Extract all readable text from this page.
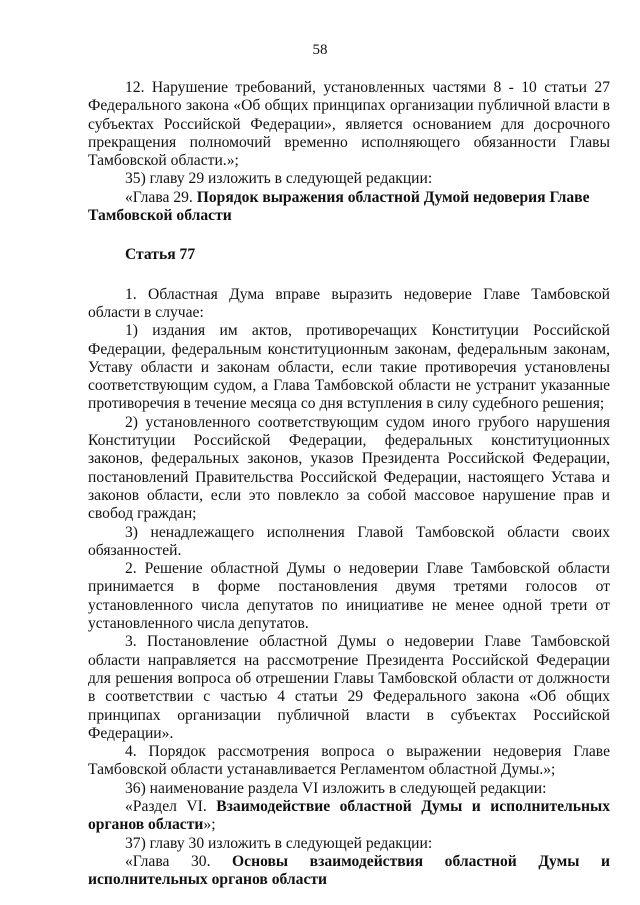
58

12. Нарушение требований, установленных частями 8 - 10 статьи 27 Федерального закона «Об общих принципах организации публичной власти в субъектах Российской Федерации», является основанием для досрочного прекращения полномочий временно исполняющего обязанности Главы Тамбовской области.»;

35) главу 29 изложить в следующей редакции:

«Глава 29. Порядок выражения областной Думой недоверия Главе Тамбовской области

Статья 77

1. Областная Дума вправе выразить недоверие Главе Тамбовской области в случае:

1) издания им актов, противоречащих Конституции Российской Федерации, федеральным конституционным законам, федеральным законам, Уставу области и законам области, если такие противоречия установлены соответствующим судом, а Глава Тамбовской области не устранит указанные противоречия в течение месяца со дня вступления в силу судебного решения;

2) установленного соответствующим судом иного грубого нарушения Конституции Российской Федерации, федеральных конституционных законов, федеральных законов, указов Президента Российской Федерации, постановлений Правительства Российской Федерации, настоящего Устава и законов области, если это повлекло за собой массовое нарушение прав и свобод граждан;

3) ненадлежащего исполнения Главой Тамбовской области своих обязанностей.

2. Решение областной Думы о недоверии Главе Тамбовской области принимается в форме постановления двумя третями голосов от установленного числа депутатов по инициативе не менее одной трети от установленного числа депутатов.

3. Постановление областной Думы о недоверии Главе Тамбовской области направляется на рассмотрение Президента Российской Федерации для решения вопроса об отрешении Главы Тамбовской области от должности в соответствии с частью 4 статьи 29 Федерального закона «Об общих принципах организации публичной власти в субъектах Российской Федерации».

4. Порядок рассмотрения вопроса о выражении недоверия Главе Тамбовской области устанавливается Регламентом областной Думы.»;

36) наименование раздела VI изложить в следующей редакции:

«Раздел VI. Взаимодействие областной Думы и исполнительных органов области»;

37) главу 30 изложить в следующей редакции:

«Глава 30. Основы взаимодействия областной Думы и исполнительных органов области
